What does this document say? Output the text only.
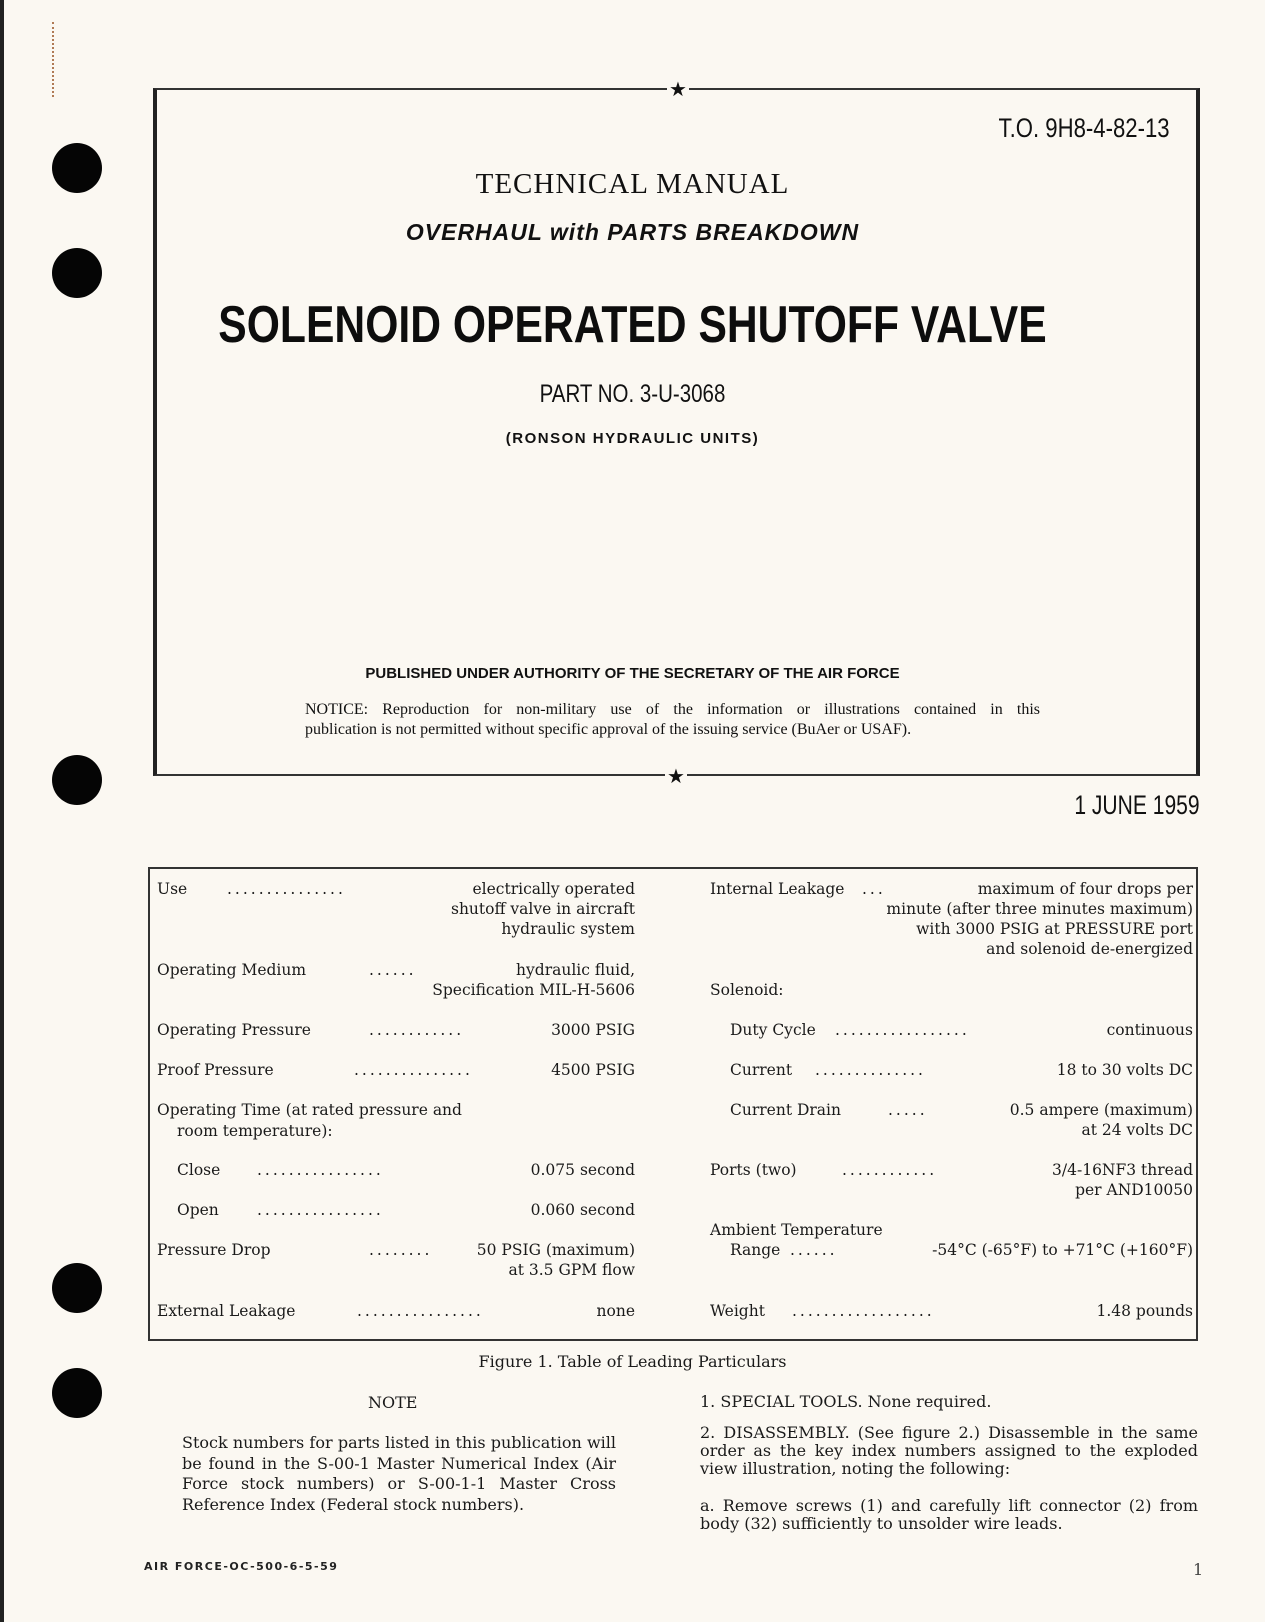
★
★
T.O. 9H8-4-82-13
TECHNICAL MANUAL
OVERHAUL with PARTS BREAKDOWN
SOLENOID OPERATED SHUTOFF VALVE
PART NO. 3-U-3068
(RONSON HYDRAULIC UNITS)
PUBLISHED UNDER AUTHORITY OF THE SECRETARY OF THE AIR FORCE
NOTICE: Reproduction for non-military use of the information or illustrations contained in this
publication is not permitted without specific approval of the issuing service (BuAer or USAF).
1 JUNE 1959
Use	...............	electrically operated
shutoff valve in aircraft
hydraulic system
Operating Medium	......	hydraulic fluid,
Specification MIL-H-5606
Operating Pressure	............	3000 PSIG
Proof Pressure	...............	4500 PSIG
Operating Time (at rated pressure and
room temperature):
Close ................	0.075 second
Open ................	0.060 second
Pressure Drop	........	50 PSIG (maximum)
at 3.5 GPM flow
External Leakage	................	none
Internal Leakage ...	maximum of four drops per
minute (after three minutes maximum)
with 3000 PSIG at PRESSURE port
and solenoid de-energized
Solenoid:
Duty Cycle .................	continuous
Current ..............	18 to 30 volts DC
Current Drain	.....	0.5 ampere (maximum)
at 24 volts DC
Ports (two)	............	3/4-16NF3 thread
per AND10050
Ambient Temperature
Range ......	-54°C (-65°F) to +71°C (+160°F)
Weight ..................	1.48 pounds
Figure 1. Table of Leading Particulars
NOTE
Stock numbers for parts listed in this publication will be found in the S-00-1 Master Numerical Index (Air Force stock numbers) or S-00-1-1 Master Cross Reference Index (Federal stock numbers).
1. SPECIAL TOOLS. None required.
2. DISASSEMBLY. (See figure 2.) Disassemble in the same order as the key index numbers assigned to the exploded view illustration, noting the following:
a. Remove screws (1) and carefully lift connector (2) from body (32) sufficiently to unsolder wire leads.
AIR FORCE-OC-500-6-5-59	1
